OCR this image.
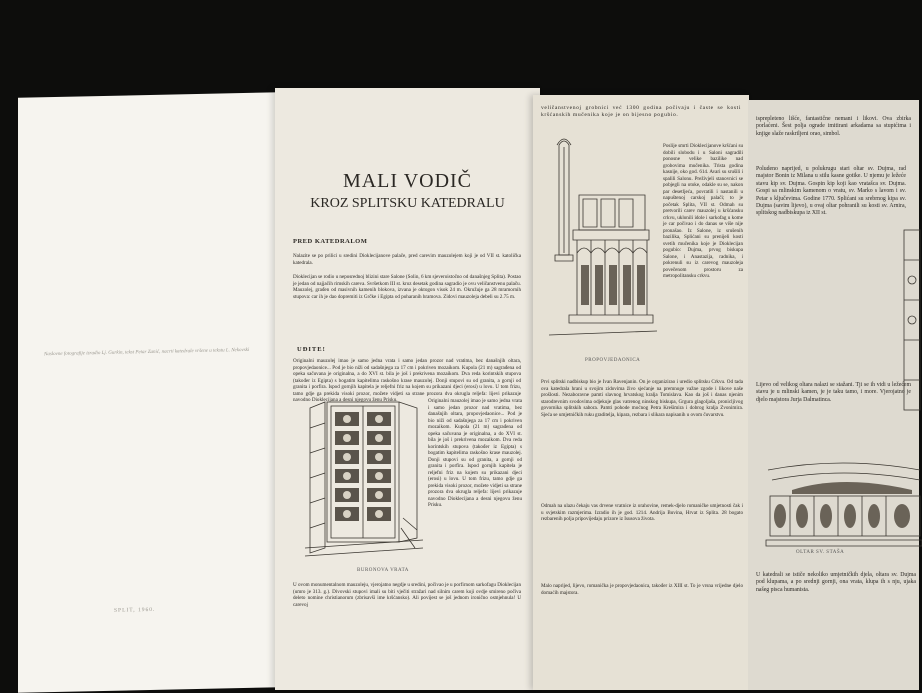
Naslovne fotografije izradio Lj. Gurkin, tekst Petar Zanić, nacrti katedrale vršene u tekstu L. Nekovski
SPLIT, 1960.
MALI VODIČ
KROZ SPLITSKU KATEDRALU
PRED KATEDRALOM

Nalazite se po prilici u sredini Dioklecijanove palače, pred carevim mauzolejem koji je od VII st. katolička katedrala.

Dioklecijan se rodio u neposrednoj blizini stare Salone (Solin, 6 km sjeveroistočno od današnjeg Splita). Postao je jedan od najjačih rimskih careva. Svršetkom III st. kroz desetak godina sagradio je ovu veličanstvenu palaču. Mauzolej, građen od masivnih kamenih blokova, izvana je oktogon visok 24 m. Okružuje ga 28 mramornih stupova: car ih je dao dopremiti iz Grčke i Egipta od poharanih hramova. Zidovi mauzoleja debeli su 2.75 m.

UĐITE!

Originalni mauzolej imao je samo jedna vrata i samo jedan prozor nad vratima, bez današnjih oltara, propovjedaonice... Pod je bio niži od sadašnjega za 17 cm i pokriven mozaikom. Kupola (21 m) sagrađena od opeka sačuvana je originalna, a do XVI st. bila je još i prekrivena mozaikom. Dva reda korintskih stupova (također iz Egipta) s bogatim kapitelima raskošno krase mauzolej. Donji stupovi su od granita, a gornji od granita i porfira. Ispod gornjih kapitela je reljefni friz na kojem su prikazani djeci (erosi) u lovu. U tom frizu, tamo gdje ga prekida visoki prozor, možete vidjeti sa strane prozora dva okrugla reljefa: lijevi prikazuje navodno Dioklecijana a desni njegovu ženu Prisku.

BURONOVA VRATA

Originalni mauzolej imao je samo jedna vrata i samo jedan prozor nad vratima, bez današnjih oltara, propovjedaonice... Pod je bio niži od sadašnjega za 17 cm i pokriven mozaikom. Kupola (21 m) sagrađena od opeka sačuvana je originalna, a do XVI st. bila je još i prekrivena mozaikom. Dva reda korintskih stupova (također iz Egipta) s bogatim kapitelima raskošno krase mauzolej. Donji stupovi su od granita, a gornji od granita i porfira. Ispod gornjih kapitela je reljefni friz na kojem su prikazani djeci (erosi) u lovu. U tom frizu, tamo gdje ga prekida visoki prozor, možete vidjeti sa strane prozora dva okrugla reljefa: lijevi prikazuje navodno Dioklecijana a desni njegovu ženu Prisku.

U ovom monumentalnom mauzoleju, vjerojatno negdje u sredini, počivao je u porfirnom sarkofagu Dioklecijan (umro je 313. g.). Divovski stupovi imali su biti vječiti stražari nad silnim carem koji ovdje smireno počiva deleto nomine christianorum (zbrisavši ime kršćansko). Ali povijest se još jednom ironično osmjehnula! U carevoj

veličanstvenoj grobnici već 1300 godina počivaju i časte se kosti kršćanskih mučenika koje je on bijesno pogubio.

PROPOVJEDAONICA

Poslije smrti Dioklecijanove kršćani su dobili slobodu i u Saloni sagradili ponosne velike bazilike nad grobovima mučenika. Trista godina kasnije, oko god. 614. Avari su srušili i spalili Salonu. Preživjeli stanovnici se pobjegli na otoke, odakle su se, nakon par desetljeća, povratili i nastanili u napuštenoj carskoj palači; to je početak Splita, VII st. Odmah su pretvorili carev mauzolej u kršćansku crkvu, uklonili idole i sarkofag u kome je car počivao i do danas se više nije pronašao. Iz Salone, iz srušenih bazilika, Splićani su prenijeli kosti svetih mučenika koje je Dioklecijan pogubio: Dujma, prvog biskupa Salone, i Anastazija, radnika, i pokrenuli su iz carevog mauzoleja povečenom prostoru za metropolitansku crkvu.

Prvi splitski nadbiskup bio je Ivan Ravenjanin. On je organizirao i uredio splitsku Crkvu. Od tada ova katedrala hrani u svojim zidovima živo sjećanje na premnoge važne zgode i likove naše prošlosti. Nezaboravne pamti slavnog hrvatskog kralja Tomislava. Kao da još i danas njenim starodrevnim svodovima odjekuje glas vatrenog ninskog biskupa, Grgura glagoljaša, pronicljivog govornika splitskih sabora. Pamti pohode moćnog Petra Krešimira i dobrog kralja Zvonimira. Sjeća se umjetničkih ruku graditelja, kipara, rezbara i slikara napisanih u ovom čuvarstvu.

Odmah na ulazu čekaju vas drvene vratnice iz orahovine, remek-djelo romaničke umjetnosti čak i u svjetskim razmjerima. Izradio ih je god. 1214. Andrija Buvina, Hrvat iz Splita. 28 bogato rezbarenih polja pripovijedaju prizore iz Isusova života.

Malo naprijed, lijevo, romanička je propovjedaonica, također iz XIII st. To je vrsna vrijedne djelo domaćih majstora.

isprepleteno lišće, fantastične nemani i likovi. Ova zbirka porlaćeni. Šest polja ograde imitirani arkadama sa stupićima i knjige slaže raskriljeni orao, simbol.

Poludeno naprijed, u polukrugu stari oltar sv. Dujma, rad majstor Bonin iz Milana u stilu kasne gotike. U njemu je ležeće stavu kip sv. Dujma. Gospin kip koji kao vratašca sv. Dujma. Gospi sa mlinskim kamenom o vratu, sv. Marko s lavom i sv. Petar s ključevima. Godine 1770. Splićani su srebrnog kipa sv. Dujma (savim lijevo), u ovaj oltar pohranili su kosti sv. Arnira, splitskog nadbiskupa iz XII st.

Lijevo od velikog oltara nalazi se stažani. Tji se ih vidi u ležećem stavu je u mlinski kamen, je je taku tamo, i more. Vjerojatno je djelo majstora Jurja Dalmatinca.

OLTAR SV. STAŠA

U katedrali se ističe nekoliko umjetničkih djela, oltara sv. Dujma pod klupama, a po srednji gornji, ona vrata, klupa ih s nju, ujaka našeg pisca humanista.
